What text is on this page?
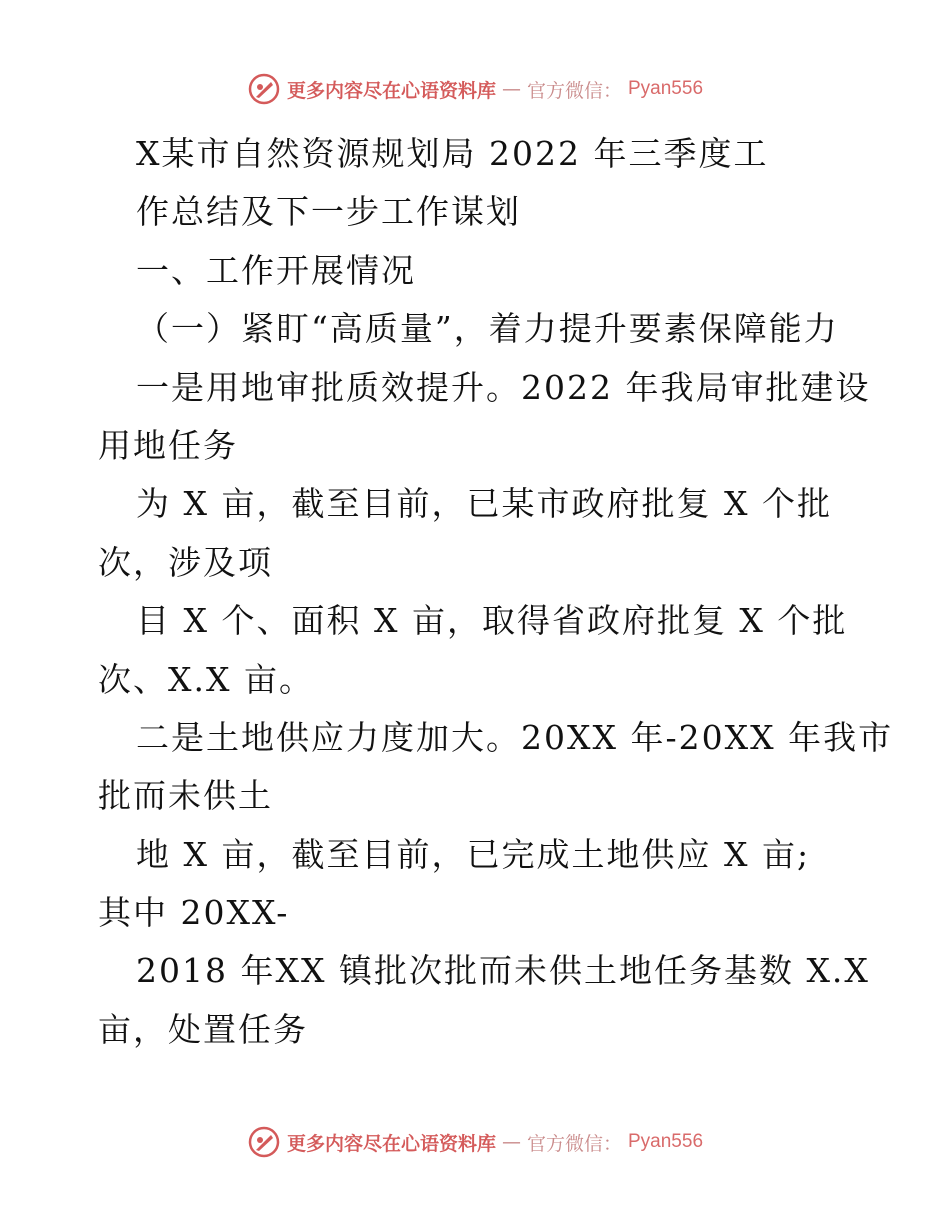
更多内容尽在心语资料库 — 官方微信： Pyan556
X某市自然资源规划局 2022 年三季度工
作总结及下一步工作谋划
一、工作开展情况
（一）紧盯“高质量”，着力提升要素保障能力
一是用地审批质效提升。2022 年我局审批建设
用地任务
为 X 亩，截至目前，已某市政府批复 X 个批
次，涉及项
目 X 个、面积 X 亩，取得省政府批复 X 个批
次、X.X 亩。
二是土地供应力度加大。20XX 年-20XX 年我市
批而未供土
地 X 亩，截至目前，已完成土地供应 X 亩;
其中 20XX-
2018 年XX 镇批次批而未供土地任务基数 X.X
亩，处置任务
更多内容尽在心语资料库 — 官方微信： Pyan556
